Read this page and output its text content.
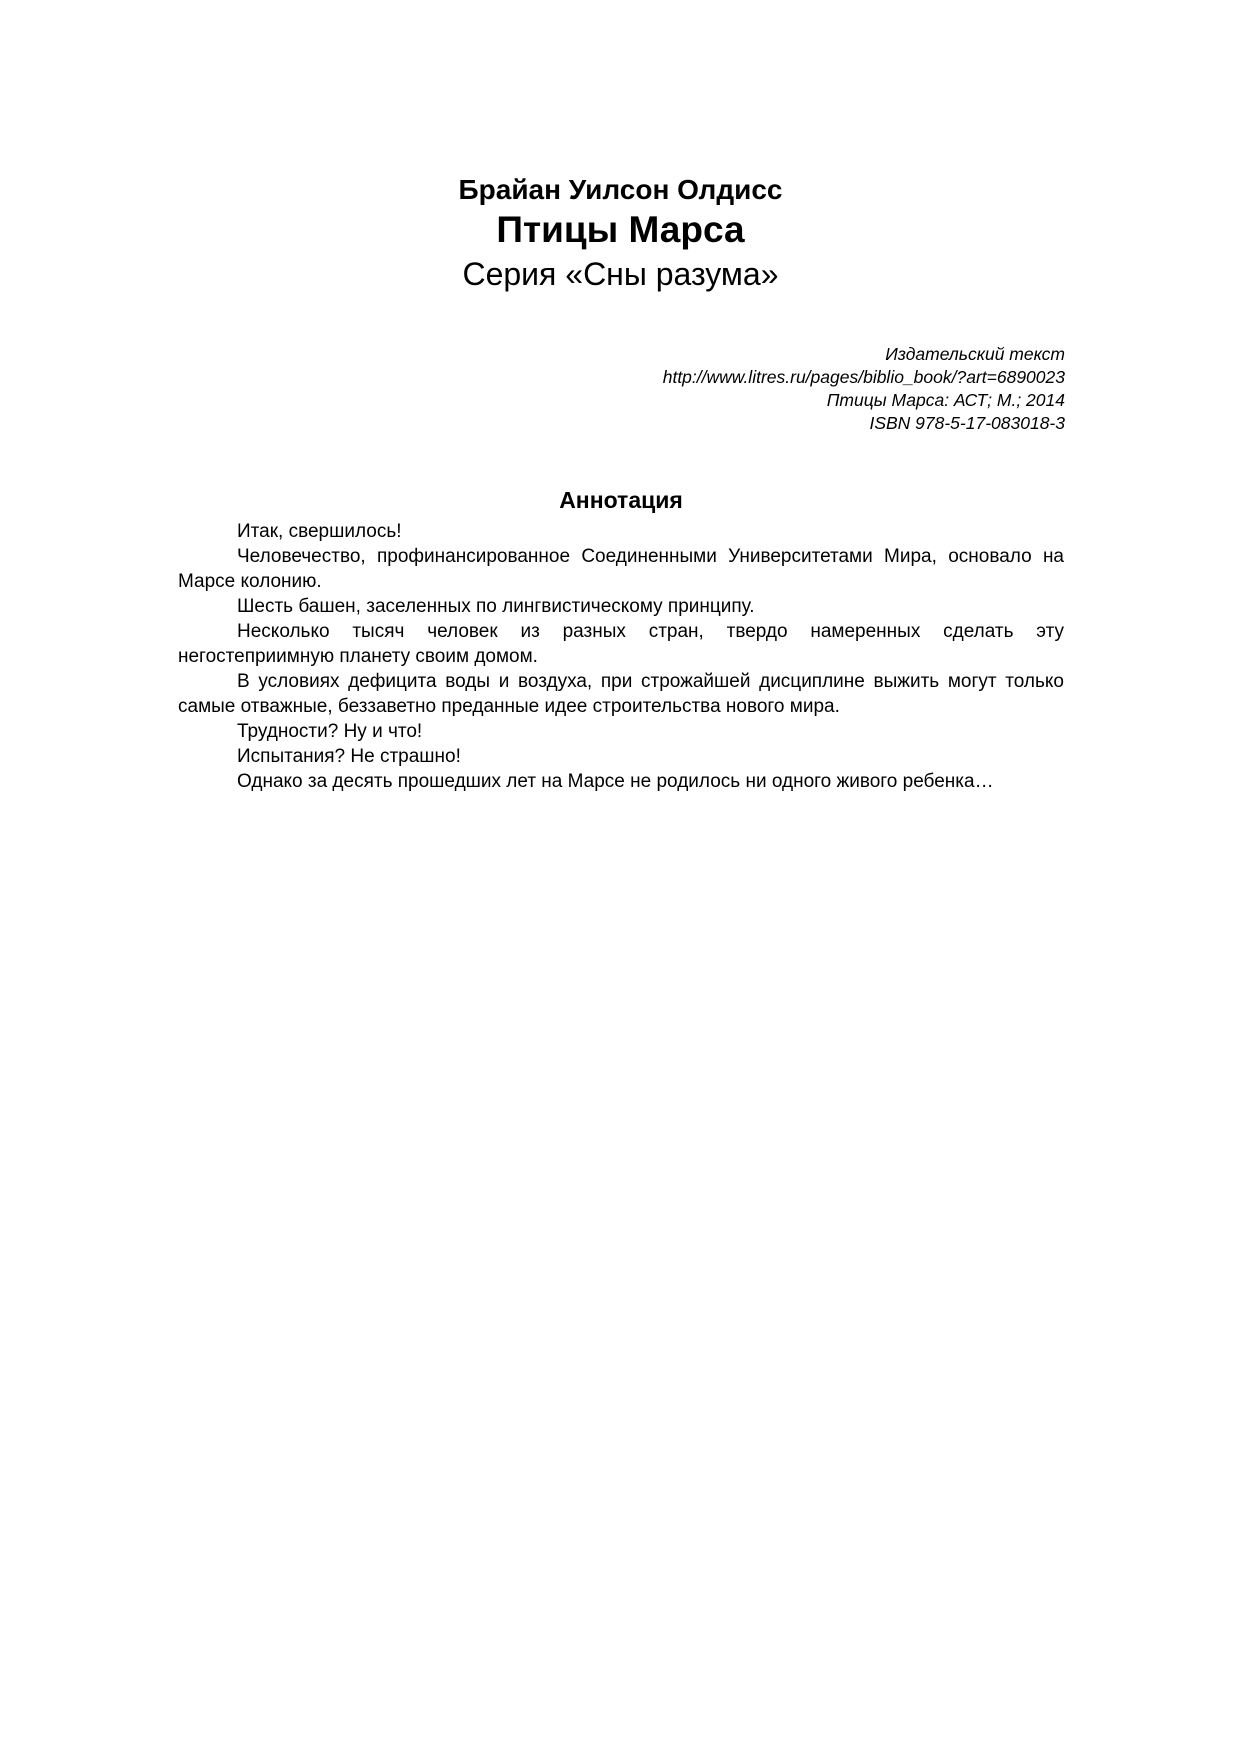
Брайан Уилсон Олдисс
Птицы Марса
Серия «Сны разума»
Издательский текст
http://www.litres.ru/pages/biblio_book/?art=6890023
Птицы Марса: АСТ; М.; 2014
ISBN 978-5-17-083018-3
Аннотация

Итак, свершилось!

Человечество, профинансированное Соединенными Университетами Мира, основало на Марсе колонию.

Шесть башен, заселенных по лингвистическому принципу.

Несколько тысяч человек из разных стран, твердо намеренных сделать эту негостеприимную планету своим домом.

В условиях дефицита воды и воздуха, при строжайшей дисциплине выжить могут только самые отважные, беззаветно преданные идее строительства нового мира.

Трудности? Ну и что!

Испытания? Не страшно!

Однако за десять прошедших лет на Марсе не родилось ни одного живого ребенка…
